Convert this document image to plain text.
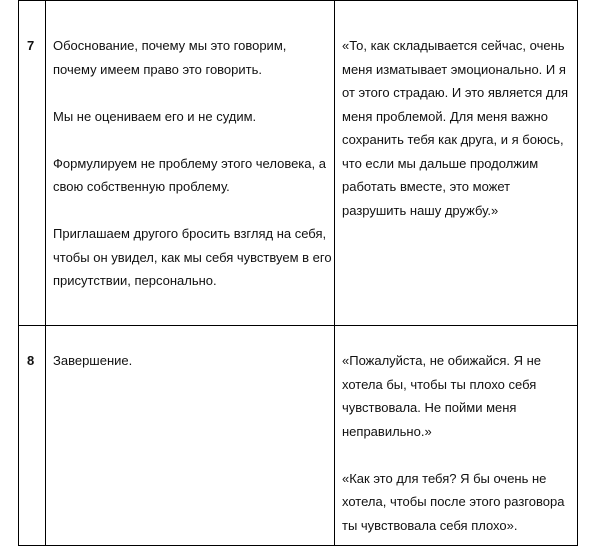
7 Обоснование, почему мы это говорим, почему имеем право это говорить.
Мы не оцениваем его и не судим.
Формулируем не проблему этого человека, а свою собственную проблему.
Приглашаем другого бросить взгляд на себя, чтобы он увидел, как мы себя чувствуем в его присутствии, персонально.
«То, как складывается сейчас, очень меня изматывает эмоционально. И я от этого страдаю. И это является для меня проблемой. Для меня важно сохранить тебя как друга, и я боюсь, что если мы дальше продолжим работать вместе, это может разрушить нашу дружбу.»
8 Завершение.	«Пожалуйста, не обижайся. Я не хотела бы, чтобы ты плохо себя чувствовала. Не пойми меня неправильно.»
«Как это для тебя? Я бы очень не хотела, чтобы после этого разговора ты чувствовала себя плохо».
